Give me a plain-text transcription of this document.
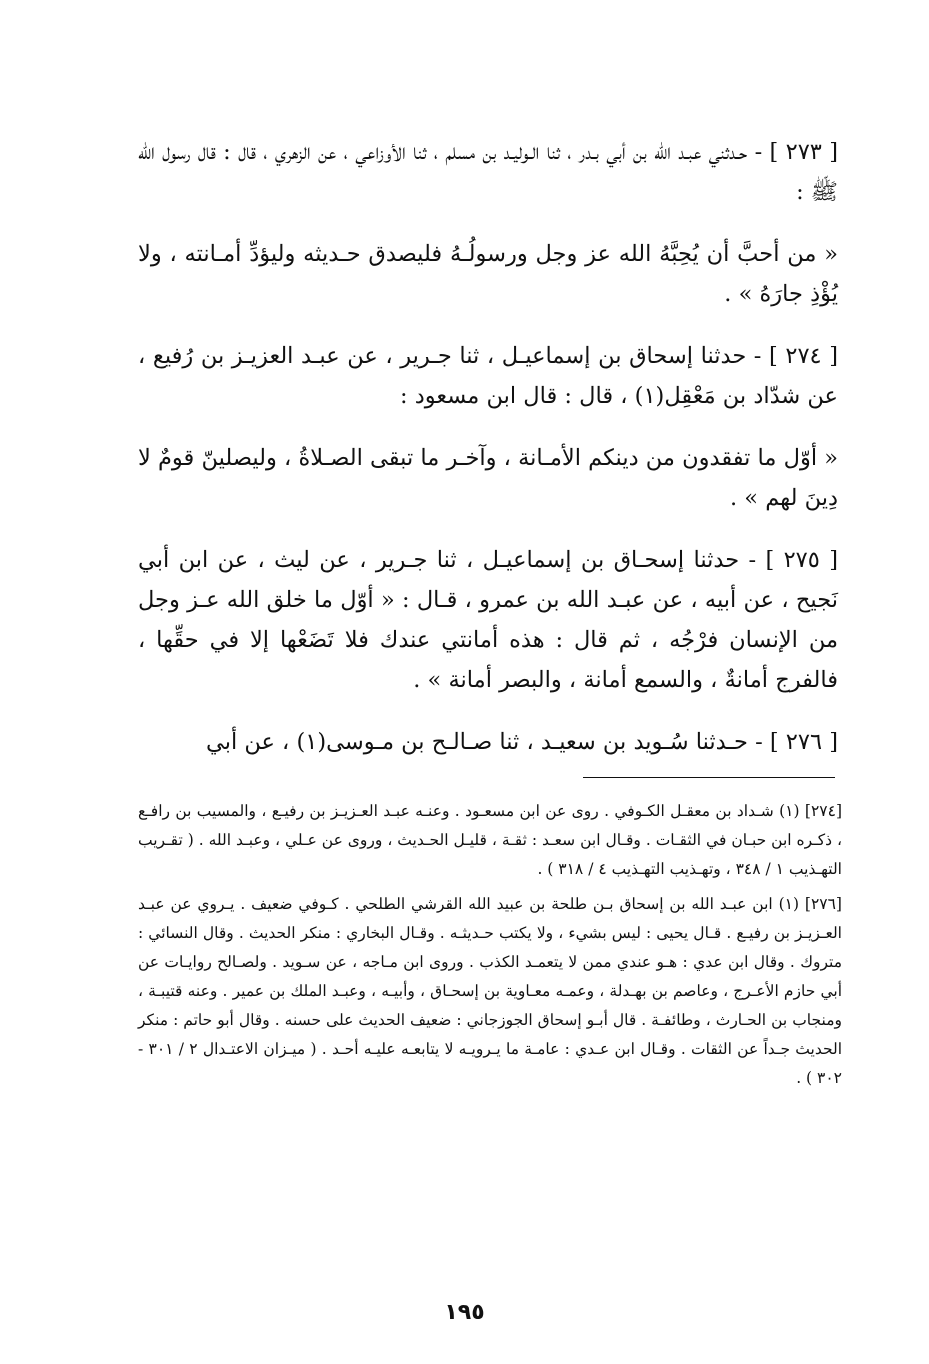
[ ٢٧٣ ] - حـدثني عبـد الله بن أبي بـدر ، ثنا الـوليـد بن مسلم ، ثنا الأوزاعي ، عن الزهري ، قال : قال رسول الله ﷺ :

« من أحبَّ أن يُحِبَّهُ الله عز وجل ورسولُـهُ فليصدق حـديثه وليؤدِّ أمـانته ، ولا يُؤْذِ جارَهُ » .

[ ٢٧٤ ] - حدثنا إسحاق بن إسماعيـل ، ثنا جـرير ، عن عبـد العزيـز بن رُفيع ، عن شدّاد بن مَعْقِل(١) ، قال : قال ابن مسعود :

« أوّل ما تفقدون من دينكم الأمـانة ، وآخـر ما تبقى الصـلاةُ ، وليصلينّ قومٌ لا دِينَ لهم » .

[ ٢٧٥ ] - حدثنا إسحـاق بن إسماعيـل ، ثنا جـرير ، عن ليث ، عن ابن أبي نَجيح ، عن أبيه ، عن عبـد الله بن عمرو ، قـال : « أوّل ما خلق الله عـز وجل من الإنسان فرْجُه ، ثم قال : هذه أمانتي عندك فلا تَضَعْها إلا في حقِّها ، فالفرج أمانةٌ ، والسمع أمانة ، والبصر أمانة » .

[ ٢٧٦ ] - حـدثنا سُـويد بن سعيـد ، ثنا صـالـح بن مـوسى(١) ، عن أبي

[٢٧٤] (١) شـداد بن معقـل الكـوفي . روى عن ابن مسعـود . وعنـه عبـد العـزيـز بن رفيـع ، والمسيب بن رافـع ، ذكـره ابن حبـان في الثقـات . وقـال ابن سعـد : ثقـة ، قليـل الحـديث ، وروى عن عـلي ، وعبـد الله . ( تقـريب التهـذيب ١ / ٣٤٨ ، وتهـذيب التهـذيب ٤ / ٣١٨ ) .

[٢٧٦] (١) ابن عبـد الله بن إسحاق بـن طلحة بن عبيد الله القرشي الطلحي . كـوفي ضعيف . يـروي عن عبـد العـزيـز بن رفيـع . قـال يحيى : ليس بشيء ، ولا يكتب حـديثـه . وقـال البخاري : منكر الحديث . وقال النسائي : متروك . وقال ابن عدي : هـو عندي ممن لا يتعمـد الكذب . وروى ابن مـاجه ، عن سـويد . ولصـالح روايـات عن أبي حازم الأعـرج ، وعاصم بن بهـدلة ، وعمـه معـاوية بن إسحـاق ، وأبيـه ، وعبـد الملك بن عمير . وعنه قتيبـة ، ومنجاب بن الحـارث ، وطائفـة . قال أبـو إسحاق الجوزجاني : ضعيف الحديث على حسنه . وقال أبو حاتم : منكر الحديث جـداً عن الثقات . وقـال ابن عـدي : عامـة ما يـرويـه لا يتابعـه عليـه أحـد . ( ميـزان الاعتـدال ٢ / ٣٠١ - ٣٠٢ ) .

١٩٥
